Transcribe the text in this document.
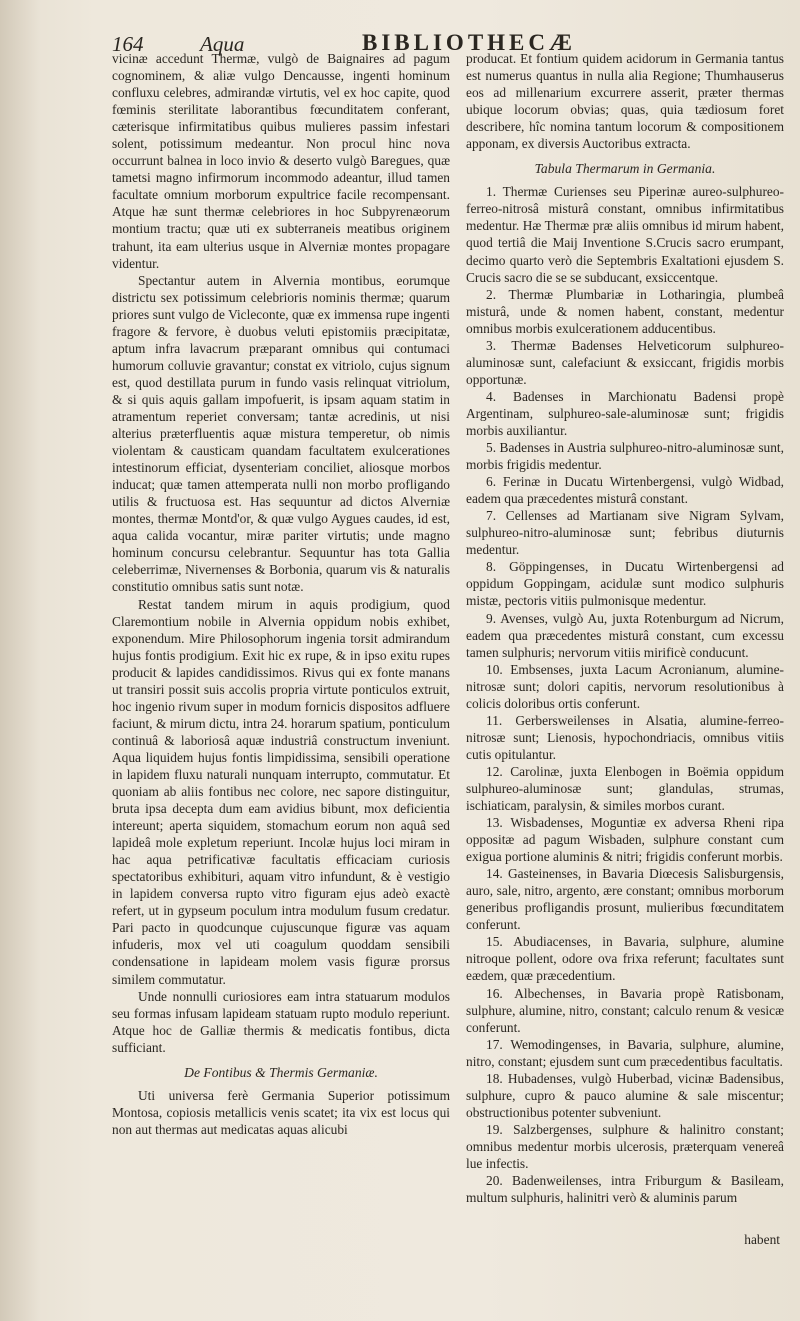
164	Aqua	BIBLIOTHECÆ

vicinæ accedunt Thermæ, vulgò de Baignaires ad pagum cognominem, & aliæ vulgo Dencausse, ingenti hominum confluxu celebres, admirandæ virtutis, vel ex hoc capite, quod fœminis sterilitate laborantibus fœcunditatem conferant, cæterisque infirmitatibus quibus mulieres passim infestari solent, potissimum medeantur. Non procul hinc nova occurrunt balnea in loco invio & deserto vulgò Baregues, quæ tametsi magno infirmorum incommodo adeantur, illud tamen facultate omnium morborum expultrice facile recompensant. Atque hæ sunt thermæ celebriores in hoc Subpyrenæorum montium tractu; quæ uti ex subterraneis meatibus originem trahunt, ita eam ulterius usque in Alverniæ montes propagare videntur.

Spectantur autem in Alvernia montibus, eorumque districtu sex potissimum celebrioris nominis thermæ; quarum priores sunt vulgo de Vicleconte, quæ ex immensa rupe ingenti fragore & fervore, è duobus veluti epistomiis præcipitatæ, aptum infra lavacrum præparant omnibus qui contumaci humorum colluvie gravantur; constat ex vitriolo, cujus signum est, quod destillata purum in fundo vasis relinquat vitriolum, & si quis aquis gallam impofuerit, is ipsam aquam statim in atramentum reperiet conversam; tantæ acredinis, ut nisi alterius præterfluentis aquæ mistura temperetur, ob nimis violentam & causticam quandam facultatem exulcerationes intestinorum efficiat, dysenteriam conciliet, aliosque morbos inducat; quæ tamen attemperata nulli non morbo profligando utilis & fructuosa est. Has sequuntur ad dictos Alverniæ montes, thermæ Montd'or, & quæ vulgo Aygues caudes, id est, aqua calida vocantur, miræ pariter virtutis; unde magno hominum concursu celebrantur. Sequuntur has tota Gallia celeberrimæ, Nivernenses & Borbonia, quarum vis & naturalis constitutio omnibus satis sunt notæ.

Restat tandem mirum in aquis prodigium, quod Claremontium nobile in Alvernia oppidum nobis exhibet, exponendum. Mire Philosophorum ingenia torsit admirandum hujus fontis prodigium. Exit hic ex rupe, & in ipso exitu rupes producit & lapides candidissimos. Rivus qui ex fonte manans ut transiri possit suis accolis propria virtute ponticulos extruit, hoc ingenio rivum super in modum fornicis dispositos adfluere faciunt, & mirum dictu, intra 24. horarum spatium, ponticulum continuâ & laboriosâ aquæ industriâ constructum inveniunt. Aqua liquidem hujus fontis limpidissima, sensibili operatione in lapidem fluxu naturali nunquam interrupto, commutatur. Et quoniam ab aliis fontibus nec colore, nec sapore distinguitur, bruta ipsa decepta dum eam avidius bibunt, mox deficientia intereunt; aperta siquidem, stomachum eorum non aquâ sed lapideâ mole expletum reperiunt. Incolæ hujus loci miram in hac aqua petrificativæ facultatis efficaciam curiosis spectatoribus exhibituri, aquam vitro infundunt, & è vestigio in lapidem conversa rupto vitro figuram ejus adeò exactè refert, ut in gypseum poculum intra modulum fusum credatur. Pari pacto in quodcunque cujuscunque figuræ vas aquam infuderis, mox vel uti coagulum quoddam sensibili condensatione in lapideam molem vasis figuræ prorsus similem commutatur.

Unde nonnulli curiosiores eam intra statuarum modulos seu formas infusam lapideam statuam rupto modulo reperiunt. Atque hoc de Galliæ thermis & medicatis fontibus, dicta sufficiant.

De Fontibus & Thermis Germaniæ.

Uti universa ferè Germania Superior potissimum Montosa, copiosis metallicis venis scatet; ita vix est locus qui non aut thermas aut medicatas aquas alicubi

producat. Et fontium quidem acidorum in Germania tantus est numerus quantus in nulla alia Regione; Thumhauserus eos ad millenarium excurrere asserit, præter thermas ubique locorum obvias; quas, quia tædiosum foret describere, hîc nomina tantum locorum & compositionem apponam, ex diversis Auctoribus extracta.

Tabula Thermarum in Germania.

1. Thermæ Curienses seu Piperinæ aureo-sulphureo-ferreo-nitrosâ misturâ constant, omnibus infirmitatibus medentur. Hæ Thermæ præ aliis omnibus id mirum habent, quod tertiâ die Maij Inventione S.Crucis sacro erumpant, decimo quarto verò die Septembris Exaltationi ejusdem S. Crucis sacro die se se subducant, exsiccentque.

2. Thermæ Plumbariæ in Lotharingia, plumbeâ misturâ, unde & nomen habent, constant, medentur omnibus morbis exulcerationem adducentibus.

3. Thermæ Badenses Helveticorum sulphureo-aluminosæ sunt, calefaciunt & exsiccant, frigidis morbis opportunæ.

4. Badenses in Marchionatu Badensi propè Argentinam, sulphureo-sale-aluminosæ sunt; frigidis morbis auxiliantur.

5. Badenses in Austria sulphureo-nitro-aluminosæ sunt, morbis frigidis medentur.

6. Ferinæ in Ducatu Wirtenbergensi, vulgò Widbad, eadem qua præcedentes misturâ constant.

7. Cellenses ad Martianam sive Nigram Sylvam, sulphureo-nitro-aluminosæ sunt; febribus diuturnis medentur.

8. Göppingenses, in Ducatu Wirtenbergensi ad oppidum Goppingam, acidulæ sunt modico sulphuris mistæ, pectoris vitiis pulmonisque medentur.

9. Avenses, vulgò Au, juxta Rotenburgum ad Nicrum, eadem qua præcedentes misturâ constant, cum excessu tamen sulphuris; nervorum vitiis mirificè conducunt.

10. Embsenses, juxta Lacum Acronianum, alumine-nitrosæ sunt; dolori capitis, nervorum resolutionibus à colicis doloribus ortis conferunt.

11. Gerbersweilenses in Alsatia, alumine-ferreo-nitrosæ sunt; Lienosis, hypochondriacis, omnibus vitiis cutis opitulantur.

12. Carolinæ, juxta Elenbogen in Boëmia oppidum sulphureo-aluminosæ sunt; glandulas, strumas, ischiaticam, paralysin, & similes morbos curant.

13. Wisbadenses, Moguntiæ ex adversa Rheni ripa oppositæ ad pagum Wisbaden, sulphure constant cum exigua portione aluminis & nitri; frigidis conferunt morbis.

14. Gasteinenses, in Bavaria Diœcesis Salisburgensis, auro, sale, nitro, argento, ære constant; omnibus morborum generibus profligandis prosunt, mulieribus fœcunditatem conferunt.

15. Abudiacenses, in Bavaria, sulphure, alumine nitroque pollent, odore ova frixa referunt; facultates sunt eædem, quæ præcedentium.

16. Albechenses, in Bavaria propè Ratisbonam, sulphure, alumine, nitro, constant; calculo renum & vesicæ conferunt.

17. Wemodingenses, in Bavaria, sulphure, alumine, nitro, constant; ejusdem sunt cum præcedentibus facultatis.

18. Hubadenses, vulgò Huberbad, vicinæ Badensibus, sulphure, cupro & pauco alumine & sale miscentur; obstructionibus potenter subveniunt.

19. Salzbergenses, sulphure & halinitro constant; omnibus medentur morbis ulcerosis, præterquam venereâ lue infectis.

20. Badenweilenses, intra Friburgum & Basileam, multum sulphuris, halinitri verò & aluminis parum

habent
